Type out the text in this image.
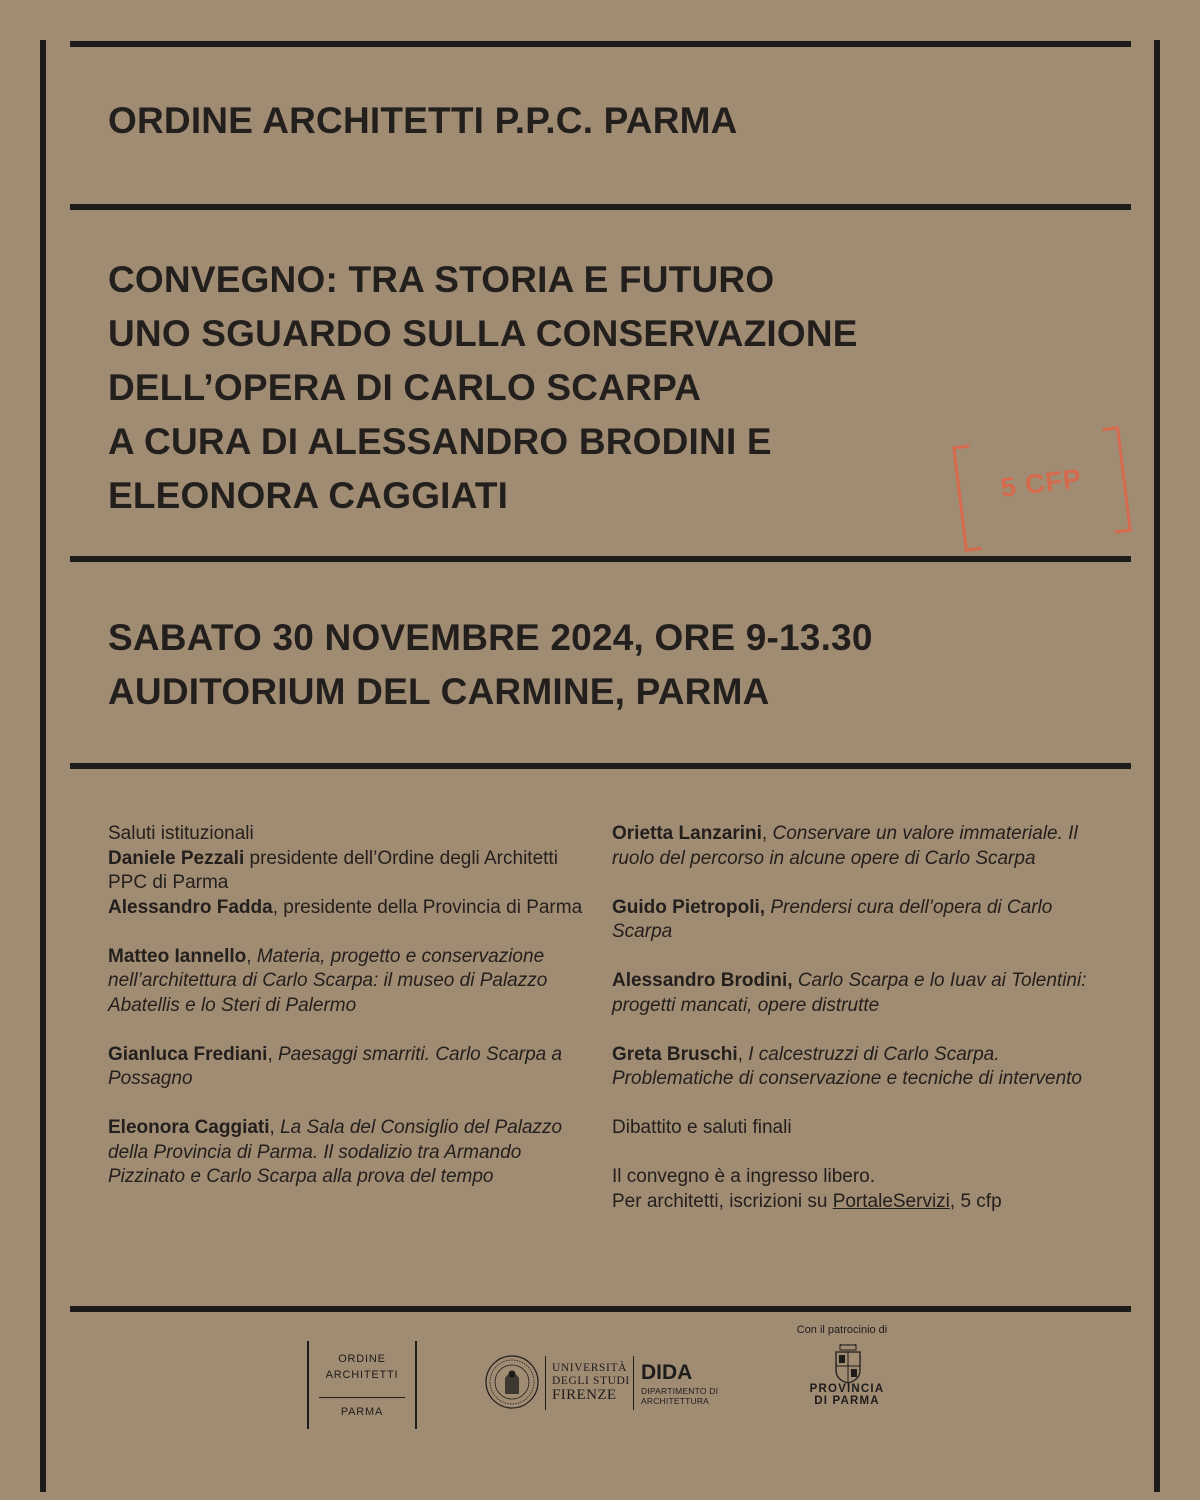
ORDINE ARCHITETTI P.P.C. PARMA
CONVEGNO: TRA STORIA E FUTURO
UNO SGUARDO SULLA CONSERVAZIONE
DELL’OPERA DI CARLO SCARPA
A CURA DI ALESSANDRO BRODINI E
ELEONORA CAGGIATI	5 CFP
SABATO 30 NOVEMBRE 2024, ORE 9-13.30
AUDITORIUM DEL CARMINE, PARMA

Saluti istituzionali
Daniele Pezzali presidente dell’Ordine degli Architetti PPC di Parma
Alessandro Fadda, presidente della Provincia di Parma

Matteo Iannello, Materia, progetto e conservazione nell’architettura di Carlo Scarpa: il museo di Palazzo Abatellis e lo Steri di Palermo

Gianluca Frediani, Paesaggi smarriti. Carlo Scarpa a Possagno

Eleonora Caggiati, La Sala del Consiglio del Palazzo della Provincia di Parma. Il sodalizio tra Armando Pizzinato e Carlo Scarpa alla prova del tempo

Orietta Lanzarini, Conservare un valore immateriale. Il ruolo del percorso in alcune opere di Carlo Scarpa

Guido Pietropoli, Prendersi cura dell’opera di Carlo Scarpa

Alessandro Brodini, Carlo Scarpa e lo Iuav ai Tolentini: progetti mancati, opere distrutte

Greta Bruschi, I calcestruzzi di Carlo Scarpa. Problematiche di conservazione e tecniche di intervento

Dibattito e saluti finali

Il convegno è a ingresso libero.
Per architetti, iscrizioni su PortaleServizi, 5 cfp

ORDINE
ARCHITETTI
PARMA
UNIVERSITÀ
DEGLI STUDI
FIRENZE
DIDA
DIPARTIMENTO DI
ARCHITETTURA
Con il patrocinio di
PROVINCIA
DI PARMA
